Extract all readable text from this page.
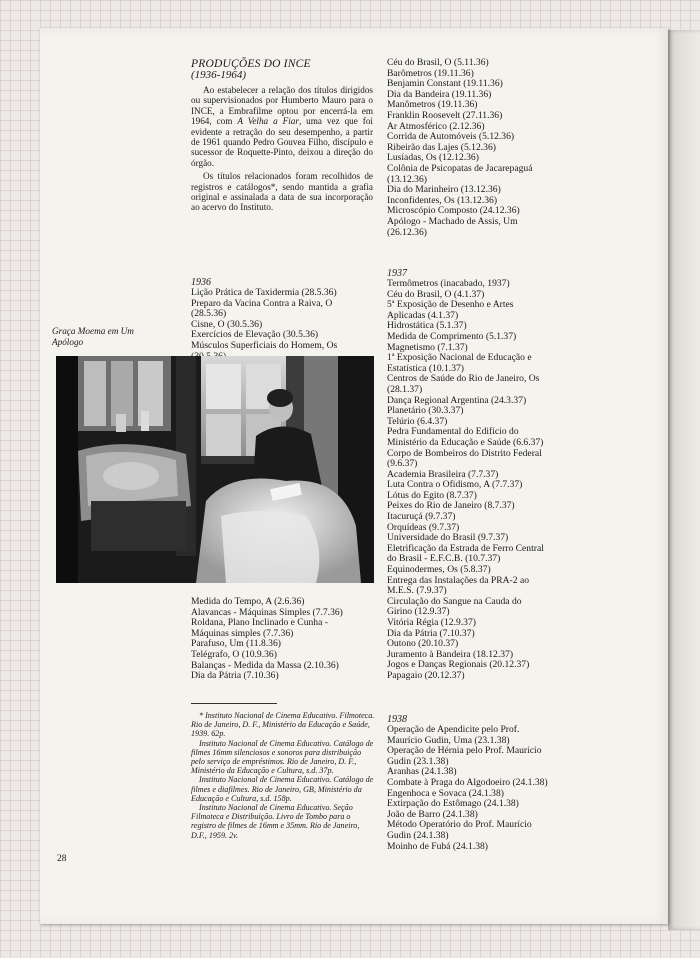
PRODUÇÕES DO INCE
(1936-1964)

Ao estabelecer a relação dos títulos dirigidos ou supervisionados por Humberto Mauro para o INCE, a Embrafilme optou por encerrá-la em 1964, com A Velha a Fiar, uma vez que foi evidente a retração do seu desempenho, a partir de 1961 quando Pedro Gouvea Filho, discípulo e sucessor de Roquette-Pinto, deixou a direção do órgão.

Os títulos relacionados foram recolhidos de registros e catálogos*, sendo mantida a grafia original e assinalada a data de sua incorporação ao acervo do Instituto.

1936
Lição Prática de Taxidermia (28.5.36)
Preparo da Vacina Contra a Raiva, O
(28.5.36)
Cisne, O (30.5.36)
Exercícios de Elevação (30.5.36)
Músculos Superficiais do Homem, Os
Graça Moema em Um Apólogo
Medida do Tempo, A (2.6.36)
Alavancas - Máquinas Simples (7.7.36)
Roldana, Plano Inclinado e Cunha -
Máquinas simples (7.7.36)
Parafuso, Um (11.8.36)
Telégrafo, O (10.9.36)
Balanças - Medida da Massa (2.10.36)
Dia da Pátria (7.10.36)

* Instituto Nacional de Cinema Educativo. Filmoteca. Rio de Janeiro, D. F., Ministério da Educação e Saúde, 1939. 62p.

Instituto Nacional de Cinema Educativo. Catálogo de filmes 16mm silenciosos e sonoros para distribuição pelo serviço de empréstimos. Rio de Janeiro, D. F., Ministério da Educação e Cultura, s.d. 37p.

Instituto Nacional de Cinema Educativo. Catálogo de filmes e diafilmes. Rio de Janeiro, GB, Ministério da Educação e Cultura, s.d. 158p.

Instituto Nacional de Cinema Educativo. Seção Filmoteca e Distribuição. Livro de Tombo para o registro de filmes de 16mm e 35mm. Rio de Janeiro, D.F., 1959. 2v.

28
Céu do Brasil, O (5.11.36)
Barômetros (19.11.36)
Benjamin Constant (19.11.36)
Dia da Bandeira (19.11.36)
Manômetros (19.11.36)
Franklin Roosevelt (27.11.36)
Ar Atmosférico (2.12.36)
Corrida de Automóveis (5.12.36)
Ribeirão das Lajes (5.12.36)
Lusíadas, Os (12.12.36)
Colônia de Psicopatas de Jacarepaguá
(13.12.36)
Dia do Marinheiro (13.12.36)
Inconfidentes, Os (13.12.36)
Microscópio Composto (24.12.36)
Apólogo - Machado de Assis, Um
(26.12.36)
1937
Termômetros (inacabado, 1937)
Céu do Brasil, O (4.1.37)
5ª Exposição de Desenho e Artes
Aplicadas (4.1.37)
Hidrostática (5.1.37)
Medida de Comprimento (5.1.37)
Magnetismo (7.1.37)
1ª Exposição Nacional de Educação e
Estatística (10.1.37)
Centros de Saúde do Rio de Janeiro, Os
(28.1.37)
Dança Regional Argentina (24.3.37)
Planetário (30.3.37)
Telúrio (6.4.37)
Pedra Fundamental do Edifício do
Ministério da Educação e Saúde (6.6.37)
Corpo de Bombeiros do Distrito Federal
(9.6.37)
Academia Brasileira (7.7.37)
Luta Contra o Ofidismo, A (7.7.37)
Lótus do Egito (8.7.37)
Peixes do Rio de Janeiro (8.7.37)
Itacuruçá (9.7.37)
Orquídeas (9.7.37)
Universidade do Brasil (9.7.37)
Eletrificação da Estrada de Ferro Central
do Brasil - E.F.C.B. (10.7.37)
Equinodermes, Os (5.8.37)
Entrega das Instalações da PRA-2 ao
M.E.S. (7.9.37)
Circulação do Sangue na Cauda do
Girino (12.9.37)
Vitória Régia (12.9.37)
Dia da Pátria (7.10.37)
Outono (20.10.37)
Juramento à Bandeira (18.12.37)
Jogos e Danças Regionais (20.12.37)
Papagaio (20.12.37)
1938
Operação de Apendicite pelo Prof.
Maurício Gudin, Uma (23.1.38)
Operação de Hérnia pelo Prof. Maurício
Gudin (23.1.38)
Aranhas (24.1.38)
Combate à Praga do Algodoeiro (24.1.38)
Engenhoca e Sovaca (24.1.38)
Extirpação do Estômago (24.1.38)
João de Barro (24.1.38)
Método Operatório do Prof. Maurício
Gudin (24.1.38)
Moinho de Fubá (24.1.38)
